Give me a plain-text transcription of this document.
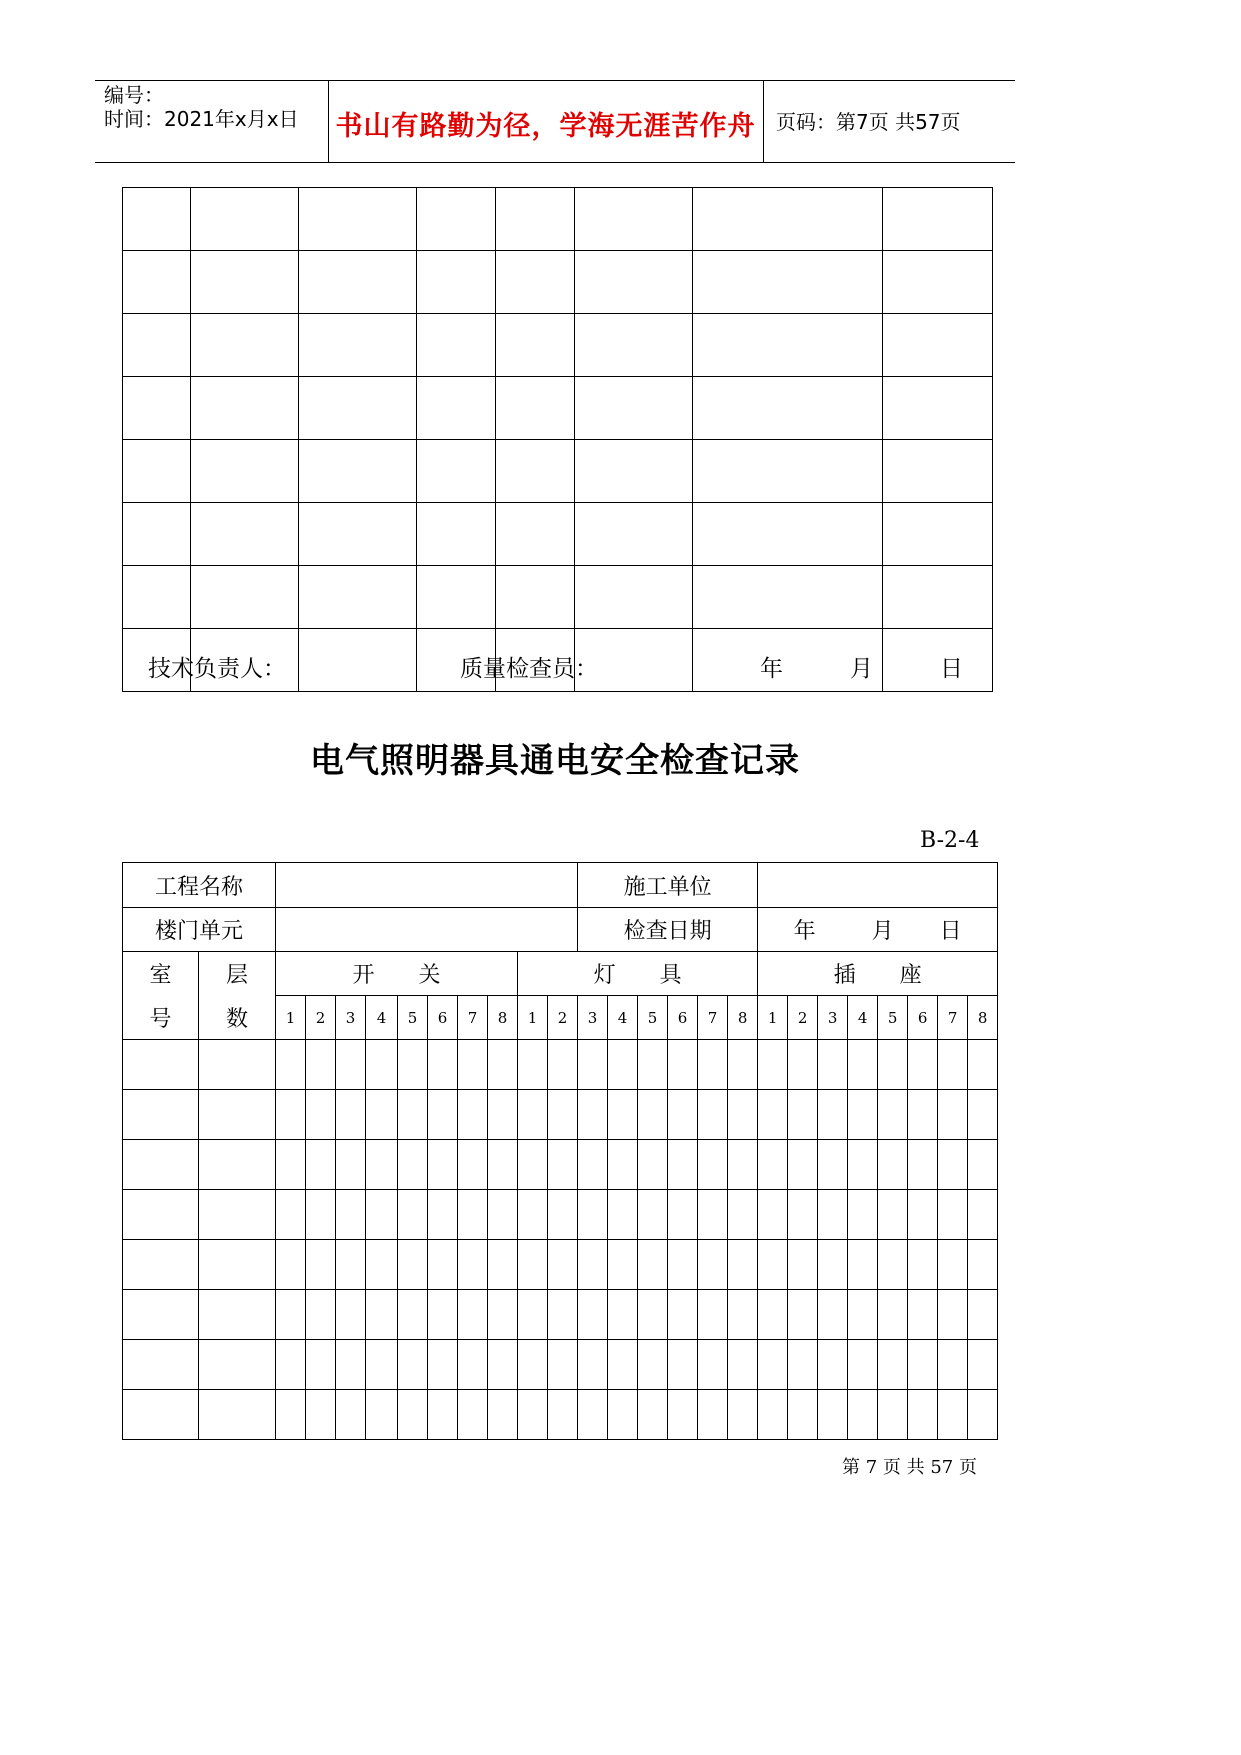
编号：
时间：2021年x月x日 书山有路勤为径，学海无涯苦作舟	页码：第7页 共57页

技术负责人：	质量检查员：	年	月	日
电气照明器具通电安全检查记录
B-2-4
工程名称												施工单位													
楼门单元												检查日期						年 月 日							
室	层	开　　关								灯　　具								插　　座							
号	数	1	2	3	4	5	6	7	8	1	2	3	4	5	6	7	8	1	2	3	4	5	6	7	8

第 7 页 共 57 页
